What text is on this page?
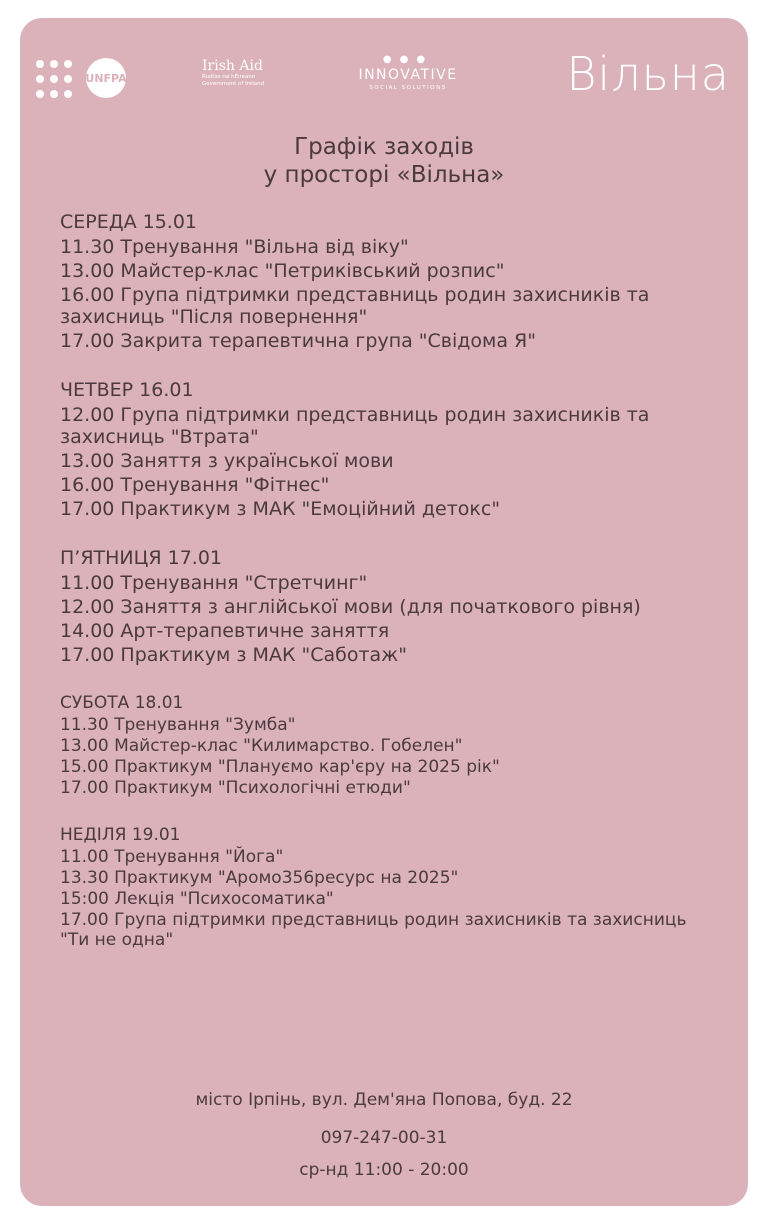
UNFPA
Irish Aid
Rialtas na hÉireann
Government of Ireland
●●●
INNOVATIVE
SOCIAL SOLUTIONS	Вільна
Графік заходів
у просторі «Вільна»
СЕРЕДА 15.01
11.30 Тренування "Вільна від віку"
13.00 Майстер-клас "Петриківський розпис"
16.00 Група підтримки представниць родин захисників та захисниць "Після повернення"
17.00 Закрита терапевтична група "Свідома Я"
ЧЕТВЕР 16.01
12.00 Група підтримки представниць родин захисників та захисниць "Втрата"
13.00 Заняття з української мови
16.00 Тренування "Фітнес"
17.00 Практикум з МАК "Емоційний детокс"
П’ЯТНИЦЯ 17.01
11.00 Тренування "Стретчинг"
12.00 Заняття з англійської мови (для початкового рівня)
14.00 Арт-терапевтичне заняття
17.00 Практикум з МАК "Саботаж"
СУБОТА 18.01
11.30 Тренування "Зумба"
13.00 Майстер-клас "Килимарство. Гобелен"
15.00 Практикум "Плануємо кар'єру на 2025 рік"
17.00 Практикум "Психологічні етюди"
НЕДІЛЯ 19.01
11.00 Тренування "Йога"
13.30 Практикум "Аромо356ресурс на 2025"
15:00 Лекція "Психосоматика"
17.00 Група підтримки представниць родин захисників та захисниць "Ти не одна"
місто Ірпінь, вул. Дем'яна Попова, буд. 22
097-247-00-31
ср-нд 11:00 - 20:00
